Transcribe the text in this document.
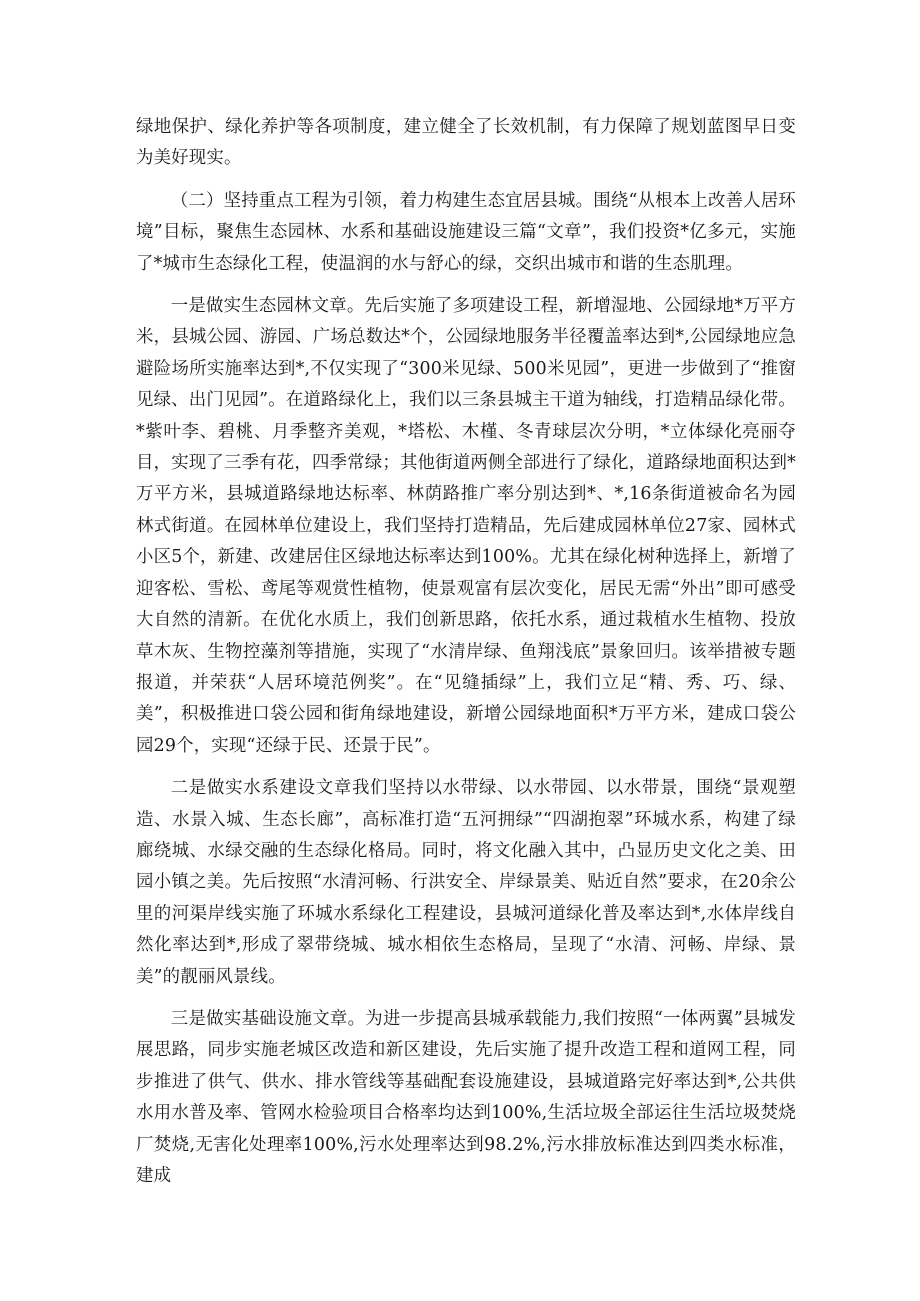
绿地保护、绿化养护等各项制度，建立健全了长效机制，有力保障了规划蓝图早日变为美好现实。

（二）坚持重点工程为引领，着力构建生态宜居县城。围绕“从根本上改善人居环境”目标，聚焦生态园林、水系和基础设施建设三篇“文章”，我们投资*亿多元，实施了*城市生态绿化工程，使温润的水与舒心的绿，交织出城市和谐的生态肌理。

一是做实生态园林文章。先后实施了多项建设工程，新增湿地、公园绿地*万平方米，县城公园、游园、广场总数达*个，公园绿地服务半径覆盖率达到*,公园绿地应急避险场所实施率达到*,不仅实现了“300米见绿、500米见园”，更进一步做到了“推窗见绿、出门见园”。在道路绿化上，我们以三条县城主干道为轴线，打造精品绿化带。*紫叶李、碧桃、月季整齐美观，*塔松、木槿、冬青球层次分明，*立体绿化亮丽夺目，实现了三季有花，四季常绿；其他街道两侧全部进行了绿化，道路绿地面积达到*万平方米，县城道路绿地达标率、林荫路推广率分别达到*、*,16条街道被命名为园林式街道。在园林单位建设上，我们坚持打造精品，先后建成园林单位27家、园林式小区5个，新建、改建居住区绿地达标率达到100%。尤其在绿化树种选择上，新增了迎客松、雪松、鸢尾等观赏性植物，使景观富有层次变化，居民无需“外出”即可感受大自然的清新。在优化水质上，我们创新思路，依托水系，通过栽植水生植物、投放草木灰、生物控藻剂等措施，实现了“水清岸绿、鱼翔浅底”景象回归。该举措被专题报道，并荣获“人居环境范例奖”。在“见缝插绿”上，我们立足“精、秀、巧、绿、美”，积极推进口袋公园和街角绿地建设，新增公园绿地面积*万平方米，建成口袋公园29个，实现“还绿于民、还景于民”。

二是做实水系建设文章我们坚持以水带绿、以水带园、以水带景，围绕“景观塑造、水景入城、生态长廊”，高标准打造“五河拥绿”“四湖抱翠”环城水系，构建了绿廊绕城、水绿交融的生态绿化格局。同时，将文化融入其中，凸显历史文化之美、田园小镇之美。先后按照“水清河畅、行洪安全、岸绿景美、贴近自然”要求，在20余公里的河渠岸线实施了环城水系绿化工程建设，县城河道绿化普及率达到*,水体岸线自然化率达到*,形成了翠带绕城、城水相依生态格局，呈现了“水清、河畅、岸绿、景美”的靓丽风景线。

三是做实基础设施文章。为进一步提高县城承载能力,我们按照“一体两翼”县城发展思路，同步实施老城区改造和新区建设，先后实施了提升改造工程和道网工程，同步推进了供气、供水、排水管线等基础配套设施建设，县城道路完好率达到*,公共供水用水普及率、管网水检验项目合格率均达到100%,生活垃圾全部运往生活垃圾焚烧厂焚烧,无害化处理率100%,污水处理率达到98.2%,污水排放标准达到四类水标准，建成
